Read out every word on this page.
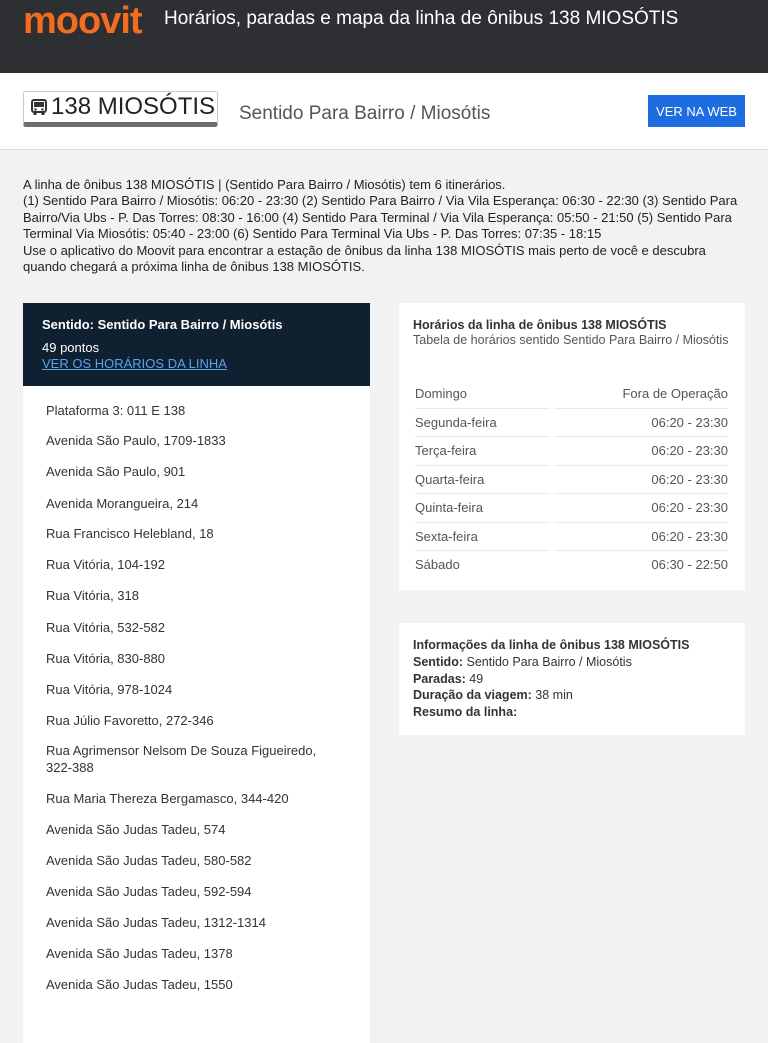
moovit Horários, paradas e mapa da linha de ônibus 138 MIOSÓTIS
138 MIOSÓTIS Sentido Para Bairro / Miosótis	VER NA WEB

A linha de ônibus 138 MIOSÓTIS | (Sentido Para Bairro / Miosótis) tem 6 itinerários.

(1) Sentido Para Bairro / Miosótis: 06:20 - 23:30 (2) Sentido Para Bairro / Via Vila Esperança: 06:30 - 22:30 (3) Sentido Para Bairro/Via Ubs - P. Das Torres: 08:30 - 16:00 (4) Sentido Para Terminal / Via Vila Esperança: 05:50 - 21:50 (5) Sentido Para Terminal Via Miosótis: 05:40 - 23:00 (6) Sentido Para Terminal Via Ubs - P. Das Torres: 07:35 - 18:15

Use o aplicativo do Moovit para encontrar a estação de ônibus da linha 138 MIOSÓTIS mais perto de você e descubra quando chegará a próxima linha de ônibus 138 MIOSÓTIS.

Sentido: Sentido Para Bairro / Miosótis
49 pontos
VER OS HORÁRIOS DA LINHA
Plataforma 3: 011 E 138
Avenida São Paulo, 1709-1833
Avenida São Paulo, 901
Avenida Morangueira, 214
Rua Francisco Helebland, 18
Rua Vitória, 104-192
Rua Vitória, 318
Rua Vitória, 532-582
Rua Vitória, 830-880
Rua Vitória, 978-1024
Rua Júlio Favoretto, 272-346
Rua Agrimensor Nelsom De Souza Figueiredo, 322-388
Rua Maria Thereza Bergamasco, 344-420
Avenida São Judas Tadeu, 574
Avenida São Judas Tadeu, 580-582
Avenida São Judas Tadeu, 592-594
Avenida São Judas Tadeu, 1312-1314
Avenida São Judas Tadeu, 1378
Avenida São Judas Tadeu, 1550
Horários da linha de ônibus 138 MIOSÓTIS
Tabela de horários sentido Sentido Para Bairro / Miosótis
Domingo		Fora de Operação
Segunda-feira		06:20 - 23:30
Terça-feira		06:20 - 23:30
Quarta-feira		06:20 - 23:30
Quinta-feira		06:20 - 23:30
Sexta-feira		06:20 - 23:30
Sábado		06:30 - 22:50
Informações da linha de ônibus 138 MIOSÓTIS
Sentido: Sentido Para Bairro / Miosótis
Paradas: 49
Duração da viagem: 38 min
Resumo da linha:
